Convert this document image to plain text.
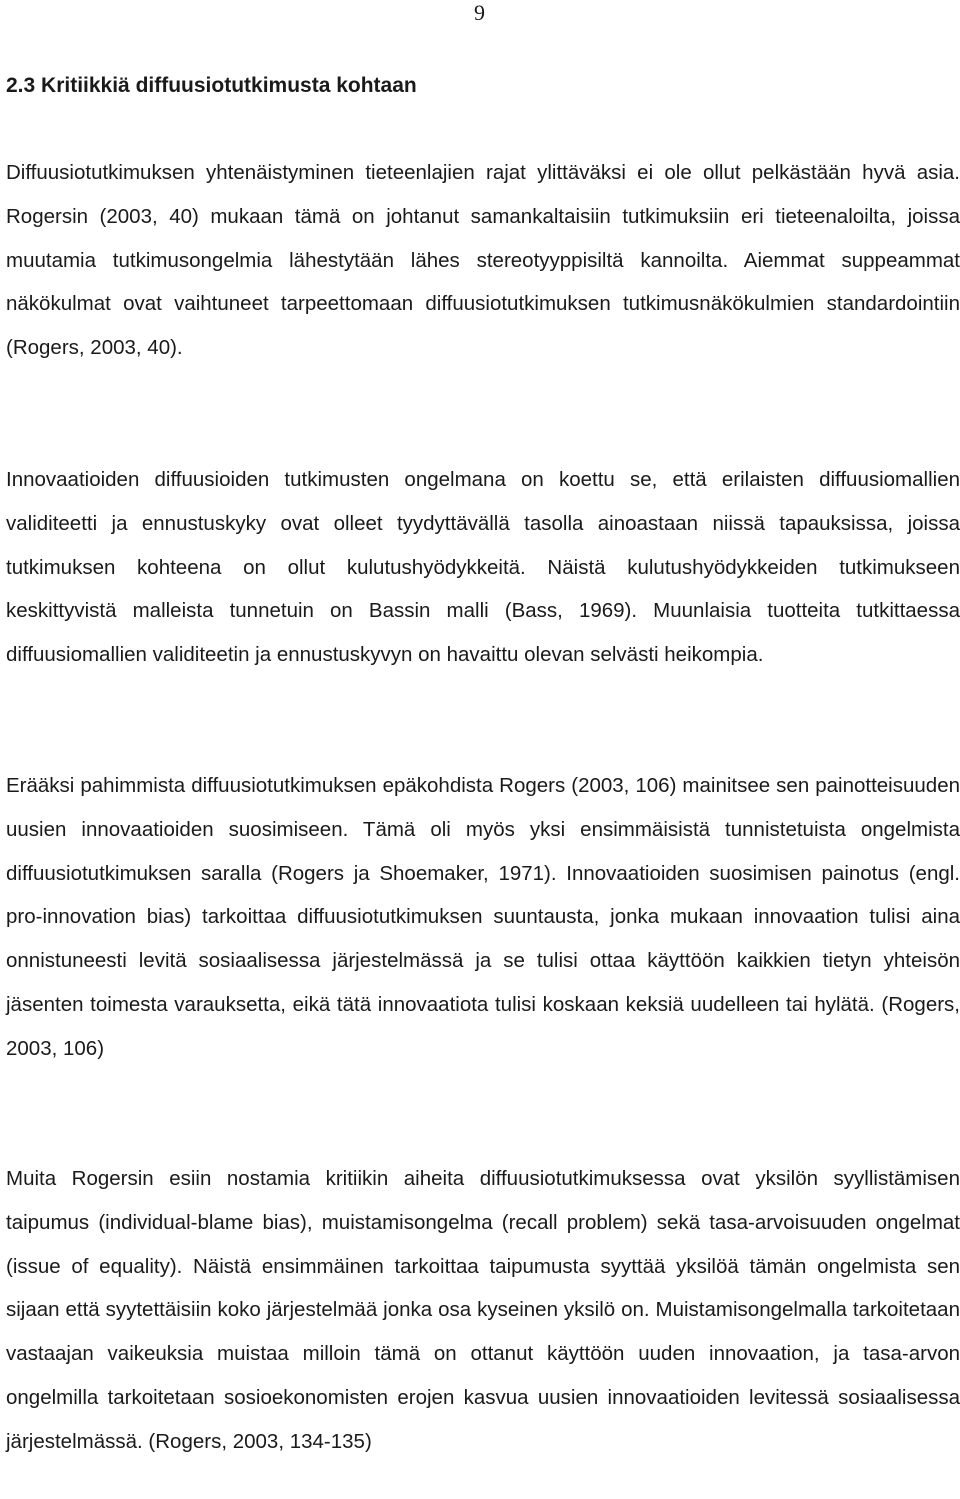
9
2.3 Kritiikkiä diffuusiotutkimusta kohtaan

Diffuusiotutkimuksen yhtenäistyminen tieteenlajien rajat ylittäväksi ei ole ollut pelkästään hyvä asia. Rogersin (2003, 40) mukaan tämä on johtanut samankaltaisiin tutkimuksiin eri tieteenaloilta, joissa muutamia tutkimusongelmia lähestytään lähes stereotyyppisiltä kannoilta. Aiemmat suppeammat näkökulmat ovat vaihtuneet tarpeettomaan diffuusiotutkimuksen tutkimusnäkökulmien standardointiin (Rogers, 2003, 40).

Innovaatioiden diffuusioiden tutkimusten ongelmana on koettu se, että erilaisten diffuusiomallien validiteetti ja ennustuskyky ovat olleet tyydyttävällä tasolla ainoastaan niissä tapauksissa, joissa tutkimuksen kohteena on ollut kulutushyödykkeitä. Näistä kulutushyödykkeiden tutkimukseen keskittyvistä malleista tunnetuin on Bassin malli (Bass, 1969). Muunlaisia tuotteita tutkittaessa diffuusiomallien validiteetin ja ennustuskyvyn on havaittu olevan selvästi heikompia.

Erääksi pahimmista diffuusiotutkimuksen epäkohdista Rogers (2003, 106) mainitsee sen painotteisuuden uusien innovaatioiden suosimiseen. Tämä oli myös yksi ensimmäisistä tunnistetuista ongelmista diffuusiotutkimuksen saralla (Rogers ja Shoemaker, 1971). Innovaatioiden suosimisen painotus (engl. pro-innovation bias) tarkoittaa diffuusiotutkimuksen suuntausta, jonka mukaan innovaation tulisi aina onnistuneesti levitä sosiaalisessa järjestelmässä ja se tulisi ottaa käyttöön kaikkien tietyn yhteisön jäsenten toimesta varauksetta, eikä tätä innovaatiota tulisi koskaan keksiä uudelleen tai hylätä. (Rogers, 2003, 106)

Muita Rogersin esiin nostamia kritiikin aiheita diffuusiotutkimuksessa ovat yksilön syyllistämisen taipumus (individual-blame bias), muistamisongelma (recall problem) sekä tasa-arvoisuuden ongelmat (issue of equality). Näistä ensimmäinen tarkoittaa taipumusta syyttää yksilöä tämän ongelmista sen sijaan että syytettäisiin koko järjestelmää jonka osa kyseinen yksilö on. Muistamisongelmalla tarkoitetaan vastaajan vaikeuksia muistaa milloin tämä on ottanut käyttöön uuden innovaation, ja tasa-arvon ongelmilla tarkoitetaan sosioekonomisten erojen kasvua uusien innovaatioiden levitessä sosiaalisessa järjestelmässä. (Rogers, 2003, 134-135)
